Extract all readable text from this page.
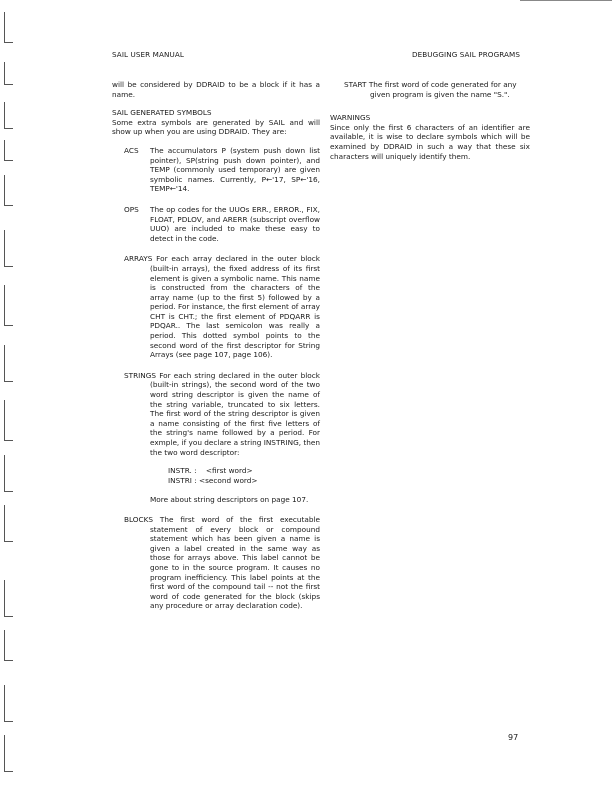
SAIL USER MANUAL	DEBUGGING SAIL PROGRAMS

will be considered by DDRAID to be a block if it has a name.

SAIL GENERATED SYMBOLS

Some extra symbols are generated by SAIL and will show up when you are using DDRAID. They are:

ACS The accumulators P (system push down list pointer), SP(string push down pointer), and TEMP (commonly used temporary) are given symbolic names. Currently, P←'17, SP←'16, TEMP←'14.
OPS The op codes for the UUOs ERR., ERROR., FIX, FLOAT, PDLOV, and ARERR (subscript overflow UUO) are included to make these easy to detect in the code.
ARRAYS For each array declared in the outer block (built-in arrays), the fixed address of its first element is given a symbolic name. This name is constructed from the characters of the array name (up to the first 5) followed by a period. For instance, the first element of array CHT is CHT.; the first element of PDQARR is PDQAR.. The last semicolon was really a period. This dotted symbol points to the second word of the first descriptor for String Arrays (see page 107, page 106).
STRINGS For each string declared in the outer block (built-in strings), the second word of the two word string descriptor is given the name of the string variable, truncated to six letters. The first word of the string descriptor is given a name consisting of the first five letters of the string's name followed by a period. For exmple, if you declare a string INSTRING, then the two word descriptor:
INSTR. :    <first word>
INSTRI : <second word>

More about string descriptors on page 107.

BLOCKS The first word of the first executable statement of every block or compound statement which has been given a name is given a label created in the same way as those for arrays above. This label cannot be gone to in the source program. It causes no program inefficiency. This label points at the first word of the compound tail -- not the first word of code generated for the block (skips any procedure or array declaration code).
START The first word of code generated for any given program is given the name "S.".

WARNINGS

Since only the first 6 characters of an identifier are available, it is wise to declare symbols which will be examined by DDRAID in such a way that these six characters will uniquely identify them.

97
